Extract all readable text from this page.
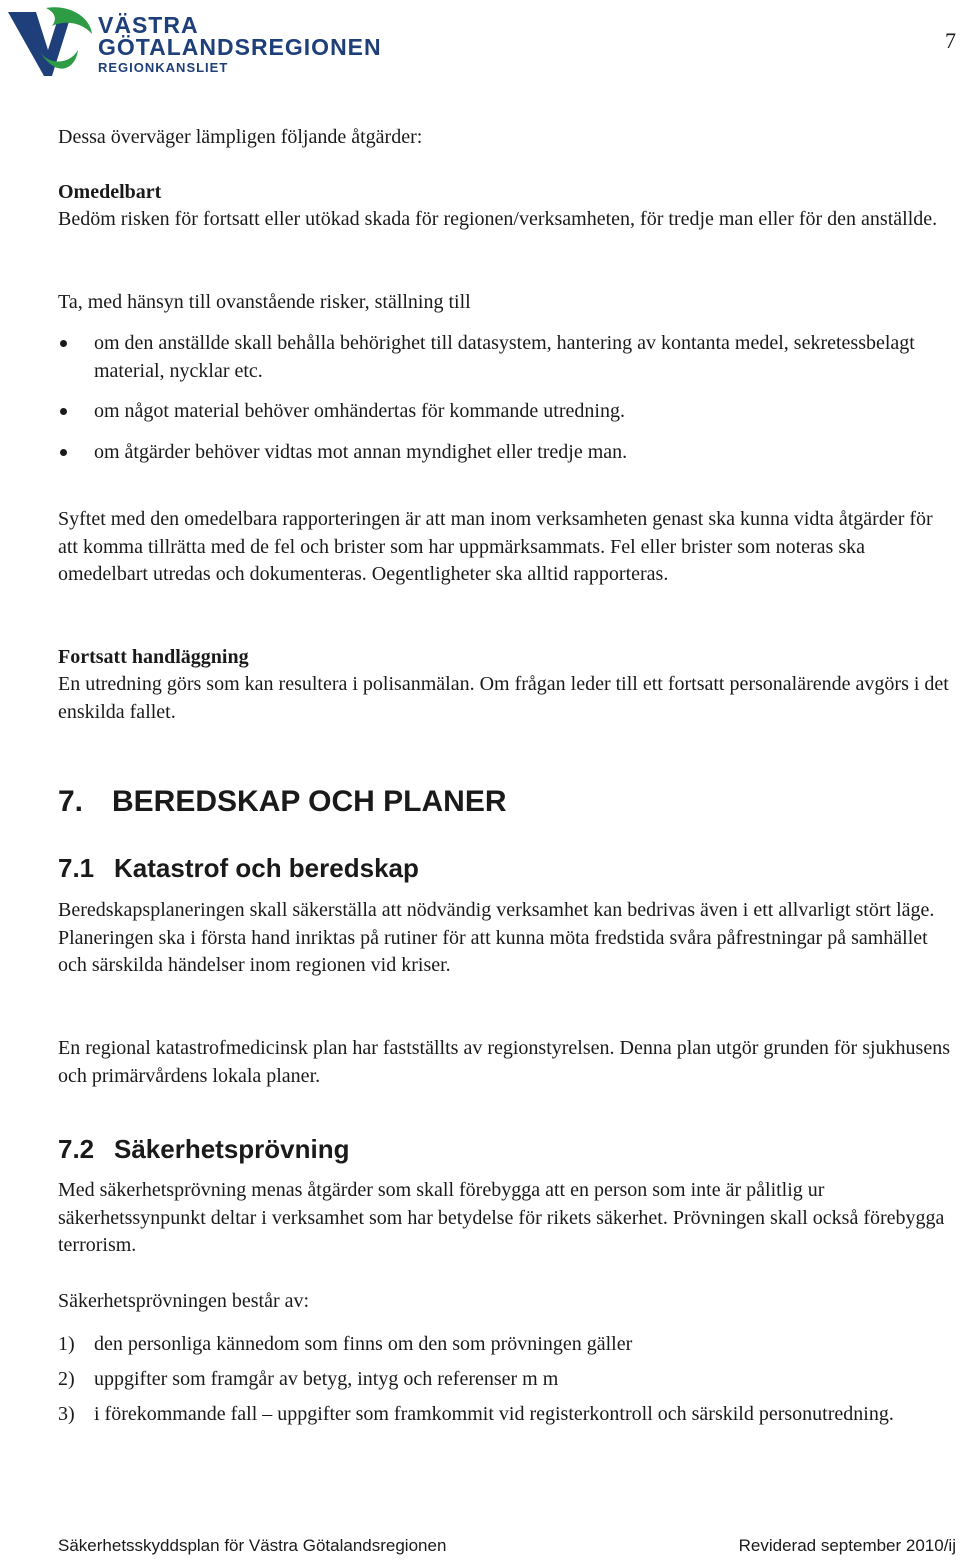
VÄSTRA
GÖTALANDSREGIONEN
REGIONKANSLIET
7

Dessa överväger lämpligen följande åtgärder:

Omedelbart

Bedöm risken för fortsatt eller utökad skada för regionen/verksamheten, för tredje man eller för den anställde.

Ta, med hänsyn till ovanstående risker, ställning till

om den anställde skall behålla behörighet till datasystem, hantering av kontanta medel, sekretessbelagt material, nycklar etc.
om något material behöver omhändertas för kommande utredning.
om åtgärder behöver vidtas mot annan myndighet eller tredje man.

Syftet med den omedelbara rapporteringen är att man inom verksamheten genast ska kunna vidta åtgärder för att komma tillrätta med de fel och brister som har uppmärksammats. Fel eller brister som noteras ska omedelbart utredas och dokumenteras. Oegentligheter ska alltid rapporteras.

Fortsatt handläggning

En utredning görs som kan resultera i polisanmälan. Om frågan leder till ett fortsatt personalärende avgörs i det enskilda fallet.

7. BEREDSKAP OCH PLANER
7.1 Katastrof och beredskap

Beredskapsplaneringen skall säkerställa att nödvändig verksamhet kan bedrivas även i ett allvarligt stört läge. Planeringen ska i första hand inriktas på rutiner för att kunna möta fredstida svåra påfrestningar på samhället och särskilda händelser inom regionen vid kriser.

En regional katastrofmedicinsk plan har fastställts av regionstyrelsen. Denna plan utgör grunden för sjukhusens och primärvårdens lokala planer.

7.2 Säkerhetsprövning

Med säkerhetsprövning menas åtgärder som skall förebygga att en person som inte är pålitlig ur säkerhetssynpunkt deltar i verksamhet som har betydelse för rikets säkerhet. Prövningen skall också förebygga terrorism.

Säkerhetsprövningen består av:

1) den personliga kännedom som finns om den som prövningen gäller
2) uppgifter som framgår av betyg, intyg och referenser m m
3) i förekommande fall – uppgifter som framkommit vid registerkontroll och särskild personutredning.
Säkerhetsskyddsplan för Västra Götalandsregionen	Reviderad september 2010/ij
